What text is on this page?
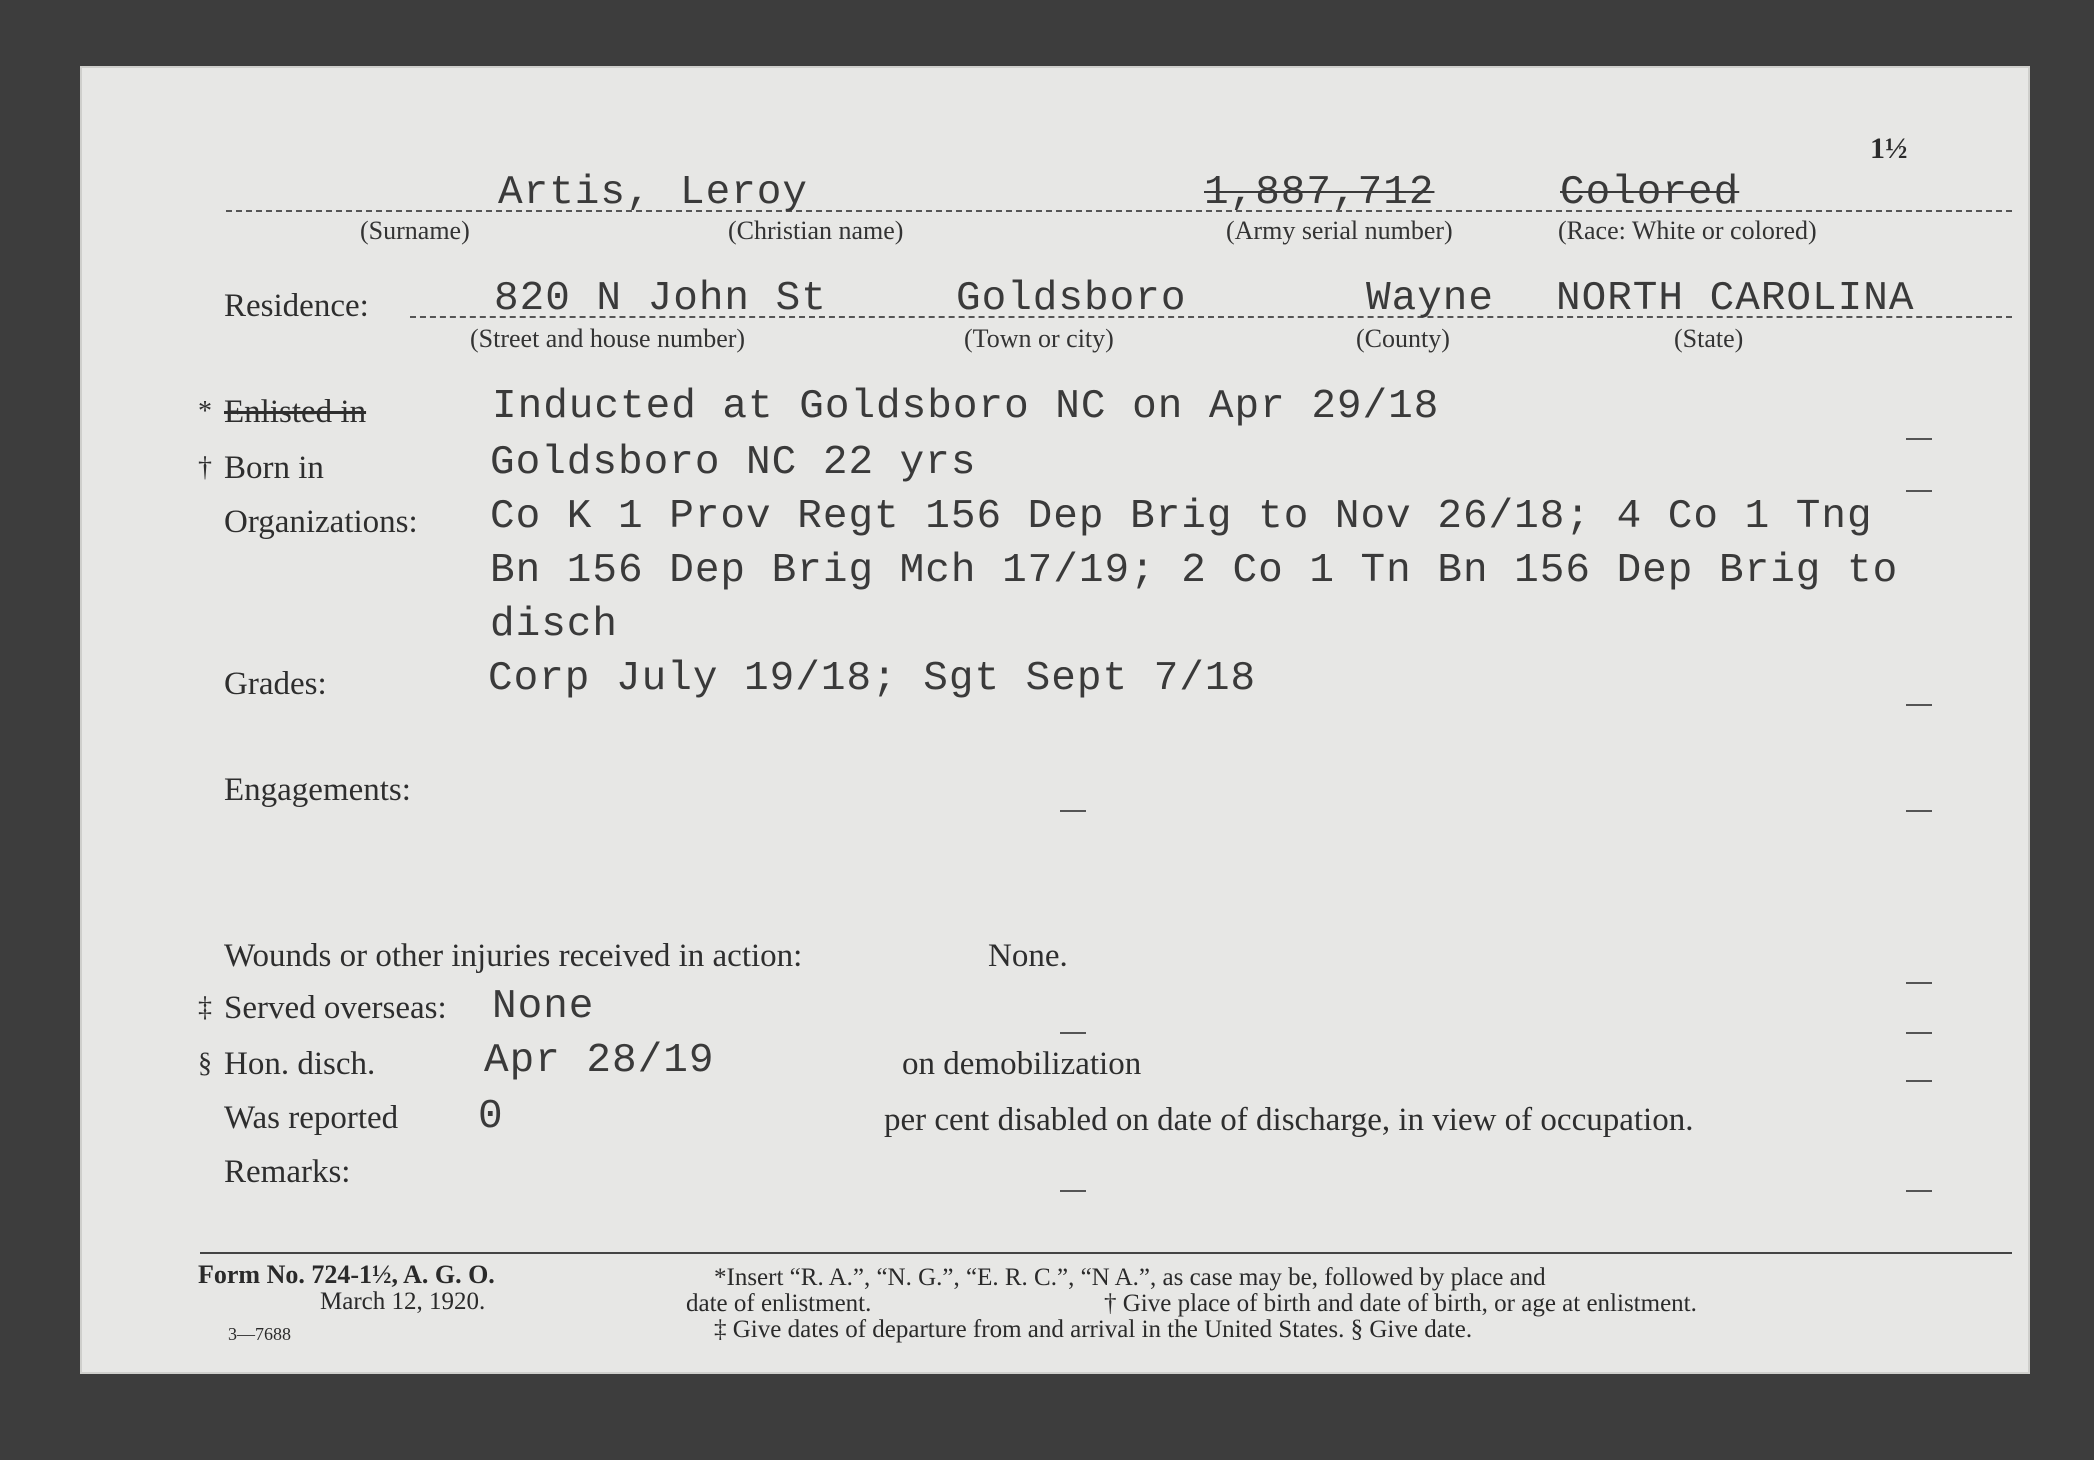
1½
Artis, Leroy	1,887,712	Colored
(Surname)	(Christian name)	(Army serial number)	(Race: White or colored)
Residence:	820 N John St	Goldsboro	Wayne NORTH CAROLINA
(Street and house number)	(Town or city)	(County)	(State)
* Enlisted in	Inducted at Goldsboro NC on Apr 29/18
† Born in	Goldsboro NC 22 yrs
Organizations: Co K 1 Prov Regt 156 Dep Brig to Nov 26/18; 4 Co 1 Tng
Bn 156 Dep Brig Mch 17/19; 2 Co 1 Tn Bn 156 Dep Brig to
disch
Grades:	Corp July 19/18; Sgt Sept 7/18
Engagements:
Wounds or other injuries received in action:	None.
‡ Served overseas: None
§ Hon. disch.	Apr 28/19	on demobilization
Was reported 0	per cent disabled on date of discharge, in view of occupation.
Remarks:
Form No. 724-1½, A. G. O.
March 12, 1920.
3—7688
*Insert “R. A.”, “N. G.”, “E. R. C.”, “N A.”, as case may be, followed by place and
date of enlistment.	† Give place of birth and date of birth, or age at enlistment.
‡ Give dates of departure from and arrival in the United States. § Give date.
